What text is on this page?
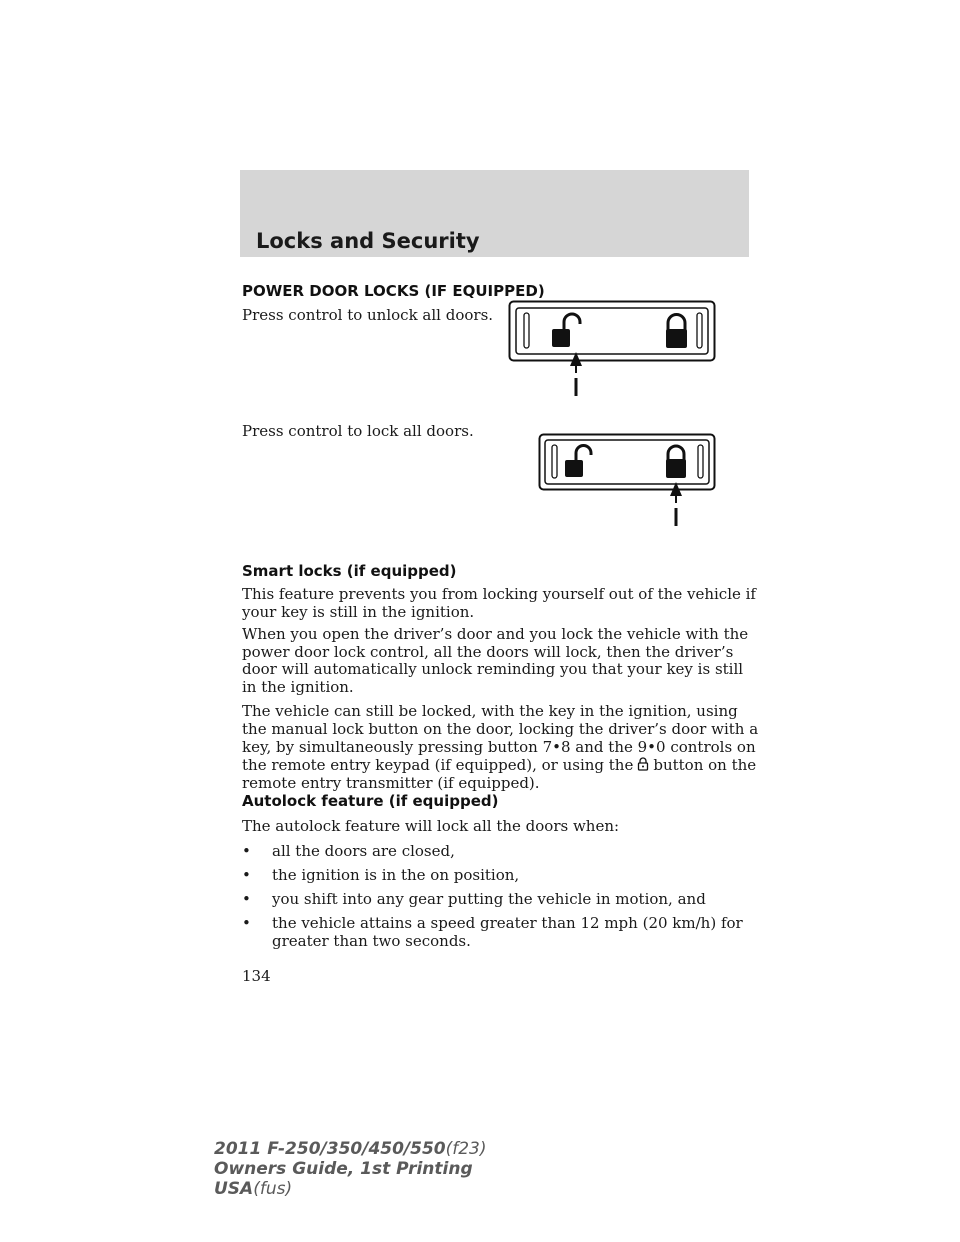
Locks and Security
POWER DOOR LOCKS (IF EQUIPPED)
Press control to unlock all doors.
Press control to lock all doors.
Smart locks (if equipped)
This feature prevents you from locking yourself out of the vehicle if your key is still in the ignition.
When you open the driver’s door and you lock the vehicle with the power door lock control, all the doors will lock, then the driver’s door will automatically unlock reminding you that your key is still in the ignition.
The vehicle can still be locked, with the key in the ignition, using the manual lock button on the door, locking the driver’s door with a key, by simultaneously pressing button 7•8 and the 9•0 controls on the remote entry keypad (if equipped), or using the button on the remote entry transmitter (if equipped).
Autolock feature (if equipped)
The autolock feature will lock all the doors when:
•	all the doors are closed,
•	the ignition is in the on position,
•	you shift into any gear putting the vehicle in motion, and
•	the vehicle attains a speed greater than 12 mph (20 km/h) for greater than two seconds.
134
2011 F-250/350/450/550(f23)
Owners Guide, 1st Printing
USA(fus)
